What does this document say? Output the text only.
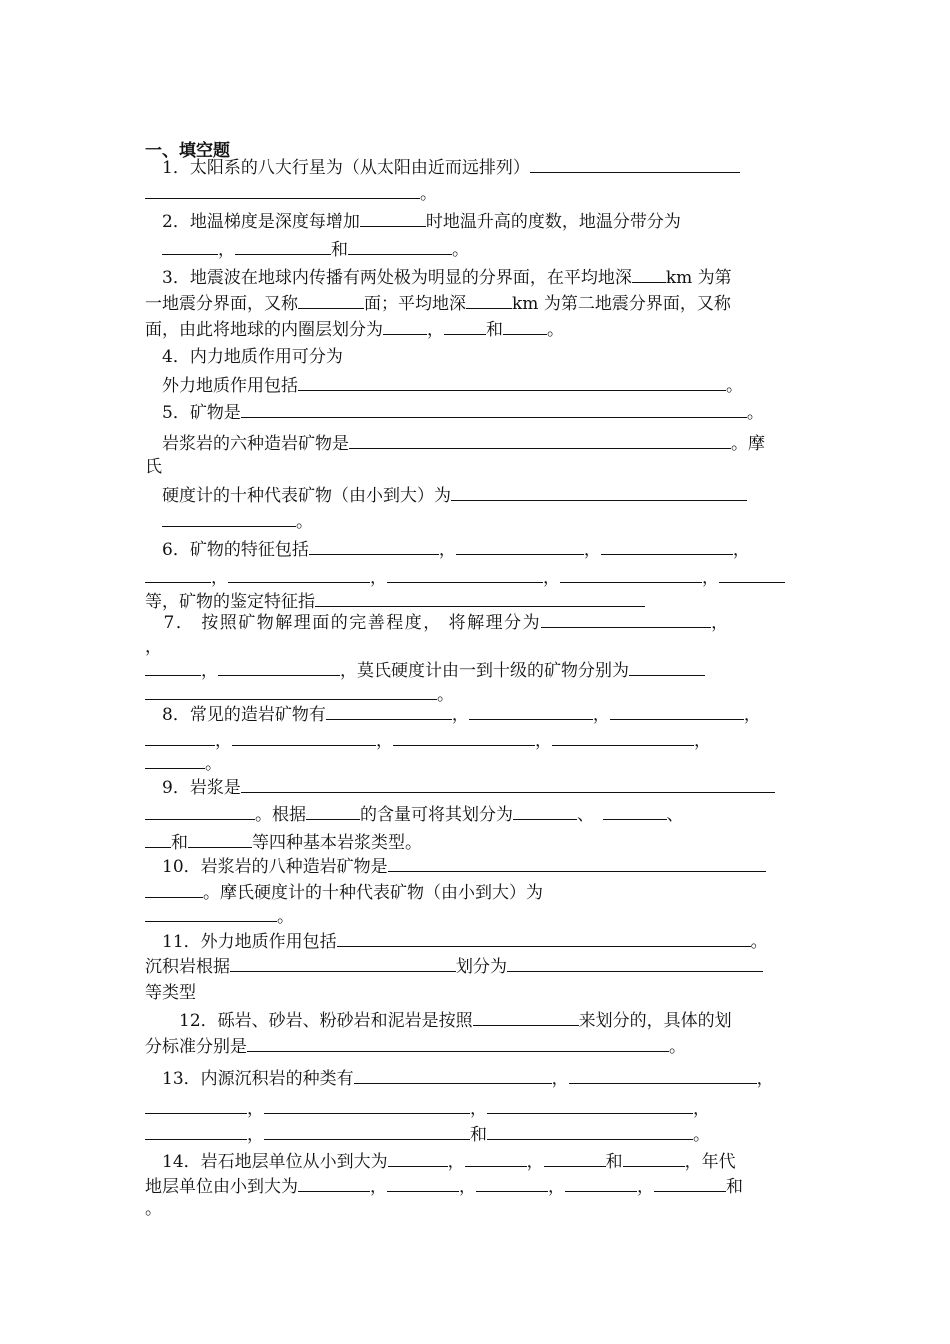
一、填空题
　1．太阳系的八大行星为（从太阳由近而远排列）
。
　2．地温梯度是深度每增加	时地温升高的度数，地温分带分为
　，	和	。
　3．地震波在地球内传播有两处极为明显的分界面，在平均地深 km 为第
一地震分界面，又称	面；平均地深	km 为第二地震分界面，又称
面，由此将地球的内圈层划分为	， 和	。
　4．内力地质作用可分为
　外力地质作用包括	。
　5．矿物是	。
　岩浆岩的六种造岩矿物是	。摩
氏
　硬度计的十种代表矿物（由小到大）为
　。
　6．矿物的特征包括	，	，	，
，	，	，	，
等，矿物的鉴定特征指
　7． 按照矿物解理面的完善程度， 将解理分为	，
，
，	，莫氏硬度计由一到十级的矿物分别为
。
　8．常见的造岩矿物有	，	，	，
，	，	，	，
。
　9．岩浆是
。根据	的含量可将其划分为	、　	、
和	等四种基本岩浆类型。
　10．岩浆岩的八种造岩矿物是
。摩氏硬度计的十种代表矿物（由小到大）为
。
　11．外力地质作用包括	。
沉积岩根据	划分为
等类型
　　12．砾岩、砂岩、粉砂岩和泥岩是按照	来划分的，具体的划
分标准分别是	。
　13．内源沉积岩的种类有	，	，
，	，	，
，	和	。
　14．岩石地层单位从小到大为	，	，	和	，年代
地层单位由小到大为	，	，	，	，	和
。
